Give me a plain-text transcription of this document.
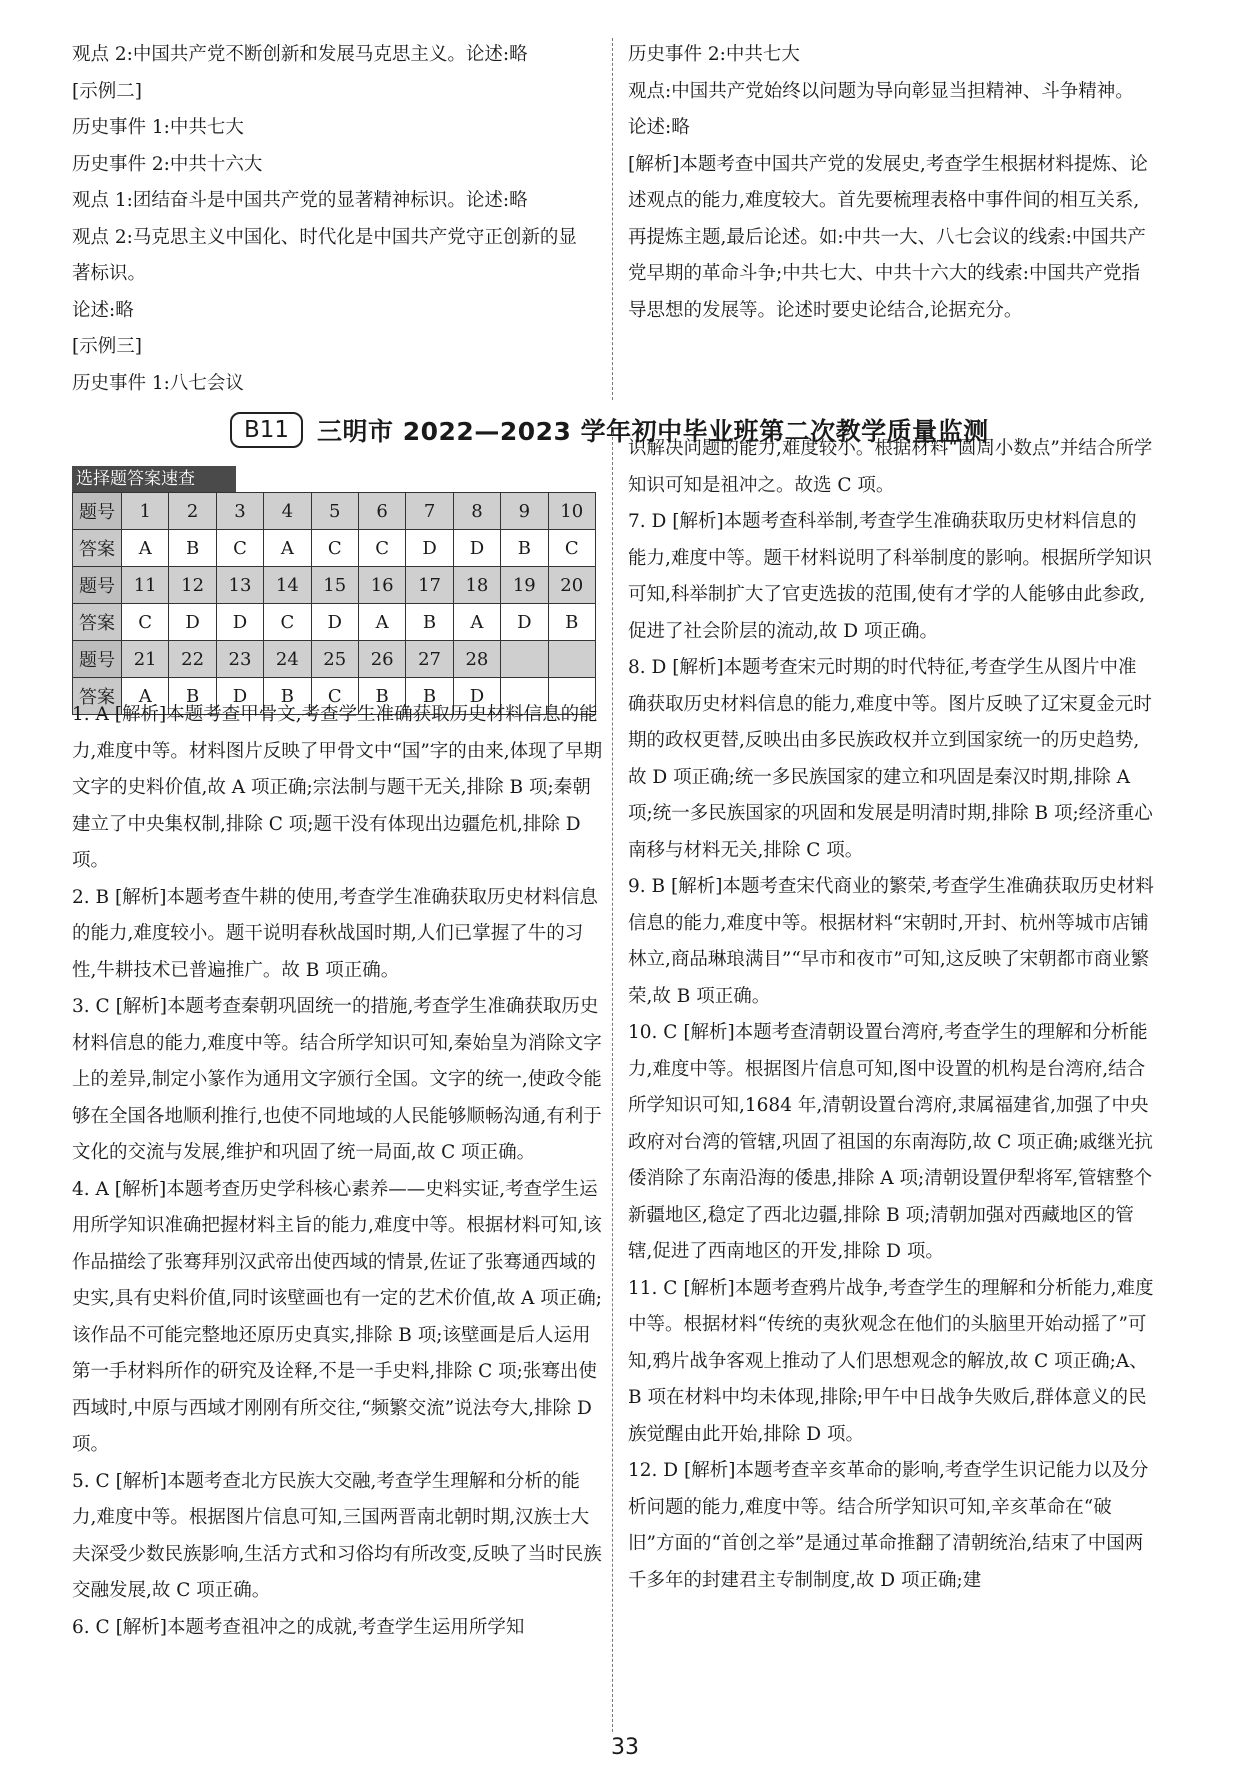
观点 2:中国共产党不断创新和发展马克思主义。论述:略

[示例二]

历史事件 1:中共七大

历史事件 2:中共十六大

观点 1:团结奋斗是中国共产党的显著精神标识。论述:略

观点 2:马克思主义中国化、时代化是中国共产党守正创新的显著标识。

论述:略

[示例三]

历史事件 1:八七会议

历史事件 2:中共七大

观点:中国共产党始终以问题为导向彰显当担精神、斗争精神。

论述:略

[解析]本题考查中国共产党的发展史,考查学生根据材料提炼、论述观点的能力,难度较大。首先要梳理表格中事件间的相互关系,再提炼主题,最后论述。如:中共一大、八七会议的线索:中国共产党早期的革命斗争;中共七大、中共十六大的线索:中国共产党指导思想的发展等。论述时要史论结合,论据充分。

B11	三明市 2022—2023 学年初中毕业班第二次教学质量监测
选择题答案速查
题号	1	2	3	4	5	6	7	8	9	10
答案	A	B	C	A	C	C	D	D	B	C
题号	11	12	13	14	15	16	17	18	19	20
答案	C	D	D	C	D	A	B	A	D	B
题号	21	22	23	24	25	26	27	28		
答案	A	B	D	B	C	B	B	D		

1. A [解析]本题考查甲骨文,考查学生准确获取历史材料信息的能力,难度中等。材料图片反映了甲骨文中“国”字的由来,体现了早期文字的史料价值,故 A 项正确;宗法制与题干无关,排除 B 项;秦朝建立了中央集权制,排除 C 项;题干没有体现出边疆危机,排除 D 项。

2. B [解析]本题考查牛耕的使用,考查学生准确获取历史材料信息的能力,难度较小。题干说明春秋战国时期,人们已掌握了牛的习性,牛耕技术已普遍推广。故 B 项正确。

3. C [解析]本题考查秦朝巩固统一的措施,考查学生准确获取历史材料信息的能力,难度中等。结合所学知识可知,秦始皇为消除文字上的差异,制定小篆作为通用文字颁行全国。文字的统一,使政令能够在全国各地顺利推行,也使不同地域的人民能够顺畅沟通,有利于文化的交流与发展,维护和巩固了统一局面,故 C 项正确。

4. A [解析]本题考查历史学科核心素养——史料实证,考查学生运用所学知识准确把握材料主旨的能力,难度中等。根据材料可知,该作品描绘了张骞拜别汉武帝出使西域的情景,佐证了张骞通西域的史实,具有史料价值,同时该壁画也有一定的艺术价值,故 A 项正确;该作品不可能完整地还原历史真实,排除 B 项;该壁画是后人运用第一手材料所作的研究及诠释,不是一手史料,排除 C 项;张骞出使西域时,中原与西域才刚刚有所交往,“频繁交流”说法夸大,排除 D 项。

5. C [解析]本题考查北方民族大交融,考查学生理解和分析的能力,难度中等。根据图片信息可知,三国两晋南北朝时期,汉族士大夫深受少数民族影响,生活方式和习俗均有所改变,反映了当时民族交融发展,故 C 项正确。

6. C [解析]本题考查祖冲之的成就,考查学生运用所学知

识解决问题的能力,难度较小。根据材料“圆周小数点”并结合所学知识可知是祖冲之。故选 C 项。

7. D [解析]本题考查科举制,考查学生准确获取历史材料信息的能力,难度中等。题干材料说明了科举制度的影响。根据所学知识可知,科举制扩大了官吏选拔的范围,使有才学的人能够由此参政,促进了社会阶层的流动,故 D 项正确。

8. D [解析]本题考查宋元时期的时代特征,考查学生从图片中准确获取历史材料信息的能力,难度中等。图片反映了辽宋夏金元时期的政权更替,反映出由多民族政权并立到国家统一的历史趋势,故 D 项正确;统一多民族国家的建立和巩固是秦汉时期,排除 A 项;统一多民族国家的巩固和发展是明清时期,排除 B 项;经济重心南移与材料无关,排除 C 项。

9. B [解析]本题考查宋代商业的繁荣,考查学生准确获取历史材料信息的能力,难度中等。根据材料“宋朝时,开封、杭州等城市店铺林立,商品琳琅满目”“早市和夜市”可知,这反映了宋朝都市商业繁荣,故 B 项正确。

10. C [解析]本题考查清朝设置台湾府,考查学生的理解和分析能力,难度中等。根据图片信息可知,图中设置的机构是台湾府,结合所学知识可知,1684 年,清朝设置台湾府,隶属福建省,加强了中央政府对台湾的管辖,巩固了祖国的东南海防,故 C 项正确;戚继光抗倭消除了东南沿海的倭患,排除 A 项;清朝设置伊犁将军,管辖整个新疆地区,稳定了西北边疆,排除 B 项;清朝加强对西藏地区的管辖,促进了西南地区的开发,排除 D 项。

11. C [解析]本题考查鸦片战争,考查学生的理解和分析能力,难度中等。根据材料“传统的夷狄观念在他们的头脑里开始动摇了”可知,鸦片战争客观上推动了人们思想观念的解放,故 C 项正确;A、B 项在材料中均未体现,排除;甲午中日战争失败后,群体意义的民族觉醒由此开始,排除 D 项。

12. D [解析]本题考查辛亥革命的影响,考查学生识记能力以及分析问题的能力,难度中等。结合所学知识可知,辛亥革命在“破旧”方面的“首创之举”是通过革命推翻了清朝统治,结束了中国两千多年的封建君主专制制度,故 D 项正确;建

33
